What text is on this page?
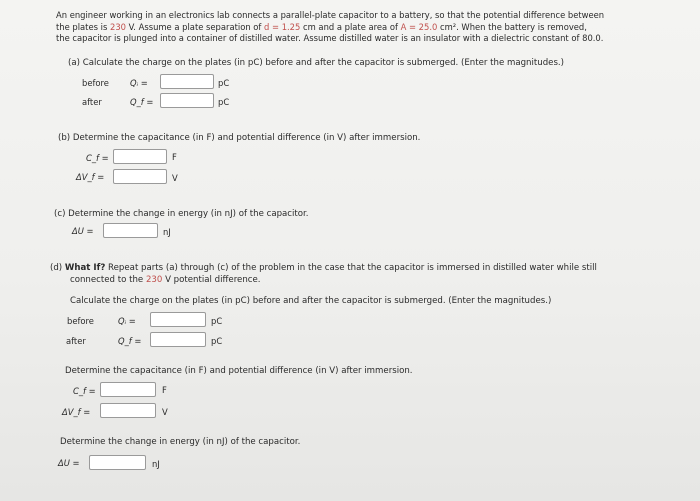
An engineer working in an electronics lab connects a parallel-plate capacitor to a battery, so that the potential difference between
the plates is 230 V. Assume a plate separation of d = 1.25 cm and a plate area of A = 25.0 cm². When the battery is removed,
the capacitor is plunged into a container of distilled water. Assume distilled water is an insulator with a dielectric constant of 80.0.
(a) Calculate the charge on the plates (in pC) before and after the capacitor is submerged. (Enter the magnitudes.)
before	Qᵢ =	pC
after	Q_f =	pC
(b) Determine the capacitance (in F) and potential difference (in V) after immersion.
C_f =	F
ΔV_f =	V
(c) Determine the change in energy (in nJ) of the capacitor.
ΔU =	nJ
(d) What If? Repeat parts (a) through (c) of the problem in the case that the capacitor is immersed in distilled water while still
connected to the 230 V potential difference.
Calculate the charge on the plates (in pC) before and after the capacitor is submerged. (Enter the magnitudes.)
before	Qᵢ =	pC
after	Q_f =	pC
Determine the capacitance (in F) and potential difference (in V) after immersion.
C_f =	F
ΔV_f =	V
Determine the change in energy (in nJ) of the capacitor.
ΔU =	nJ
